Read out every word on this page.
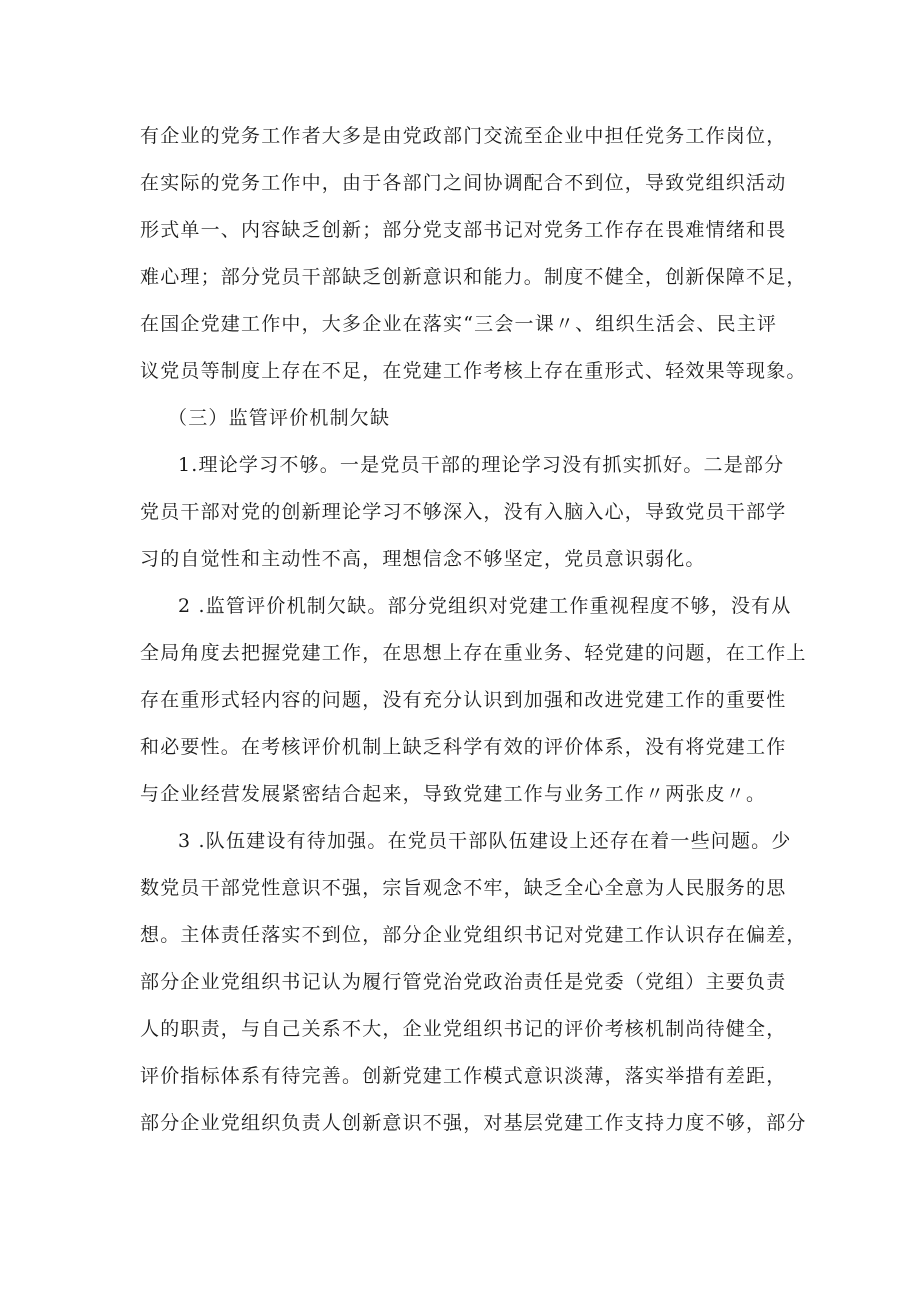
有企业的党务工作者大多是由党政部门交流至企业中担任党务工作岗位，
在实际的党务工作中，由于各部门之间协调配合不到位，导致党组织活动
形式单一、内容缺乏创新；部分党支部书记对党务工作存在畏难情绪和畏
难心理；部分党员干部缺乏创新意识和能力。制度不健全，创新保障不足，
在国企党建工作中，大多企业在落实“三会一课〃、组织生活会、民主评
议党员等制度上存在不足，在党建工作考核上存在重形式、轻效果等现象。
（三）监管评价机制欠缺
1.理论学习不够。一是党员干部的理论学习没有抓实抓好。二是部分
党员干部对党的创新理论学习不够深入，没有入脑入心，导致党员干部学
习的自觉性和主动性不高，理想信念不够坚定，党员意识弱化。
2 .监管评价机制欠缺。部分党组织对党建工作重视程度不够，没有从
全局角度去把握党建工作，在思想上存在重业务、轻党建的问题，在工作上
存在重形式轻内容的问题，没有充分认识到加强和改进党建工作的重要性
和必要性。在考核评价机制上缺乏科学有效的评价体系，没有将党建工作
与企业经营发展紧密结合起来，导致党建工作与业务工作〃两张皮〃。
3 .队伍建设有待加强。在党员干部队伍建设上还存在着一些问题。少
数党员干部党性意识不强，宗旨观念不牢，缺乏全心全意为人民服务的思
想。主体责任落实不到位，部分企业党组织书记对党建工作认识存在偏差，
部分企业党组织书记认为履行管党治党政治责任是党委（党组）主要负责
人的职责，与自己关系不大，企业党组织书记的评价考核机制尚待健全，
评价指标体系有待完善。创新党建工作模式意识淡薄，落实举措有差距，
部分企业党组织负责人创新意识不强，对基层党建工作支持力度不够，部分
